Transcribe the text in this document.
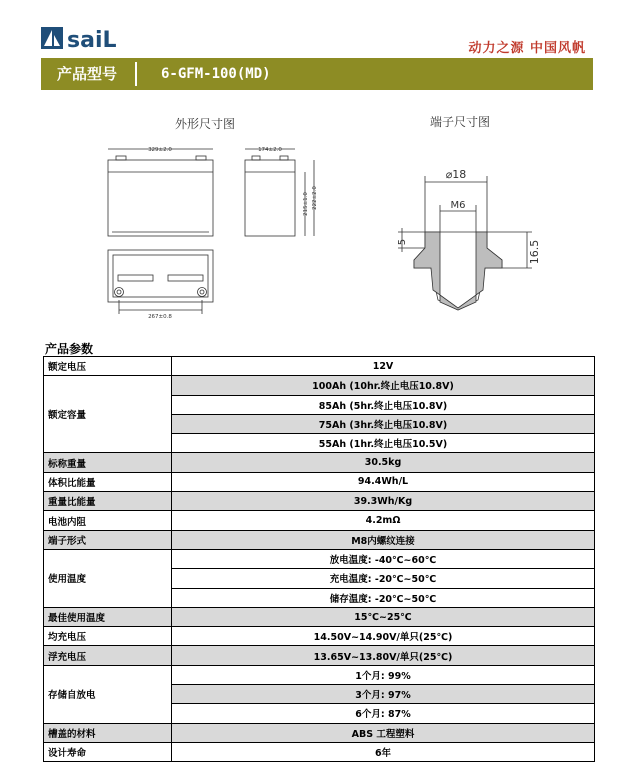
saiL	动力之源 中国风帆
产品型号	6-GFM-100(MD)
外形尺寸图	端子尺寸图
329±2.0	174±2.0
215±1.0 222±2.0
267±0.8
⌀18
M6
5	16.5
产品参数
额定电压	12V
额定容量	100Ah (10hr.终止电压10.8V)
	85Ah (5hr.终止电压10.8V)
	75Ah (3hr.终止电压10.8V)
	55Ah (1hr.终止电压10.5V)
标称重量	30.5kg
体积比能量	94.4Wh/L
重量比能量	39.3Wh/Kg
电池内阻	4.2mΩ
端子形式	M8内螺纹连接
使用温度	放电温度: -40℃~60℃
	充电温度: -20℃~50℃
	储存温度: -20℃~50℃
最佳使用温度	15℃~25℃
均充电压	14.50V~14.90V/单只(25℃)
浮充电压	13.65V~13.80V/单只(25℃)
存储自放电	1个月: 99%
	3个月: 97%
	6个月: 87%
槽盖的材料	ABS 工程塑料
设计寿命	6年
